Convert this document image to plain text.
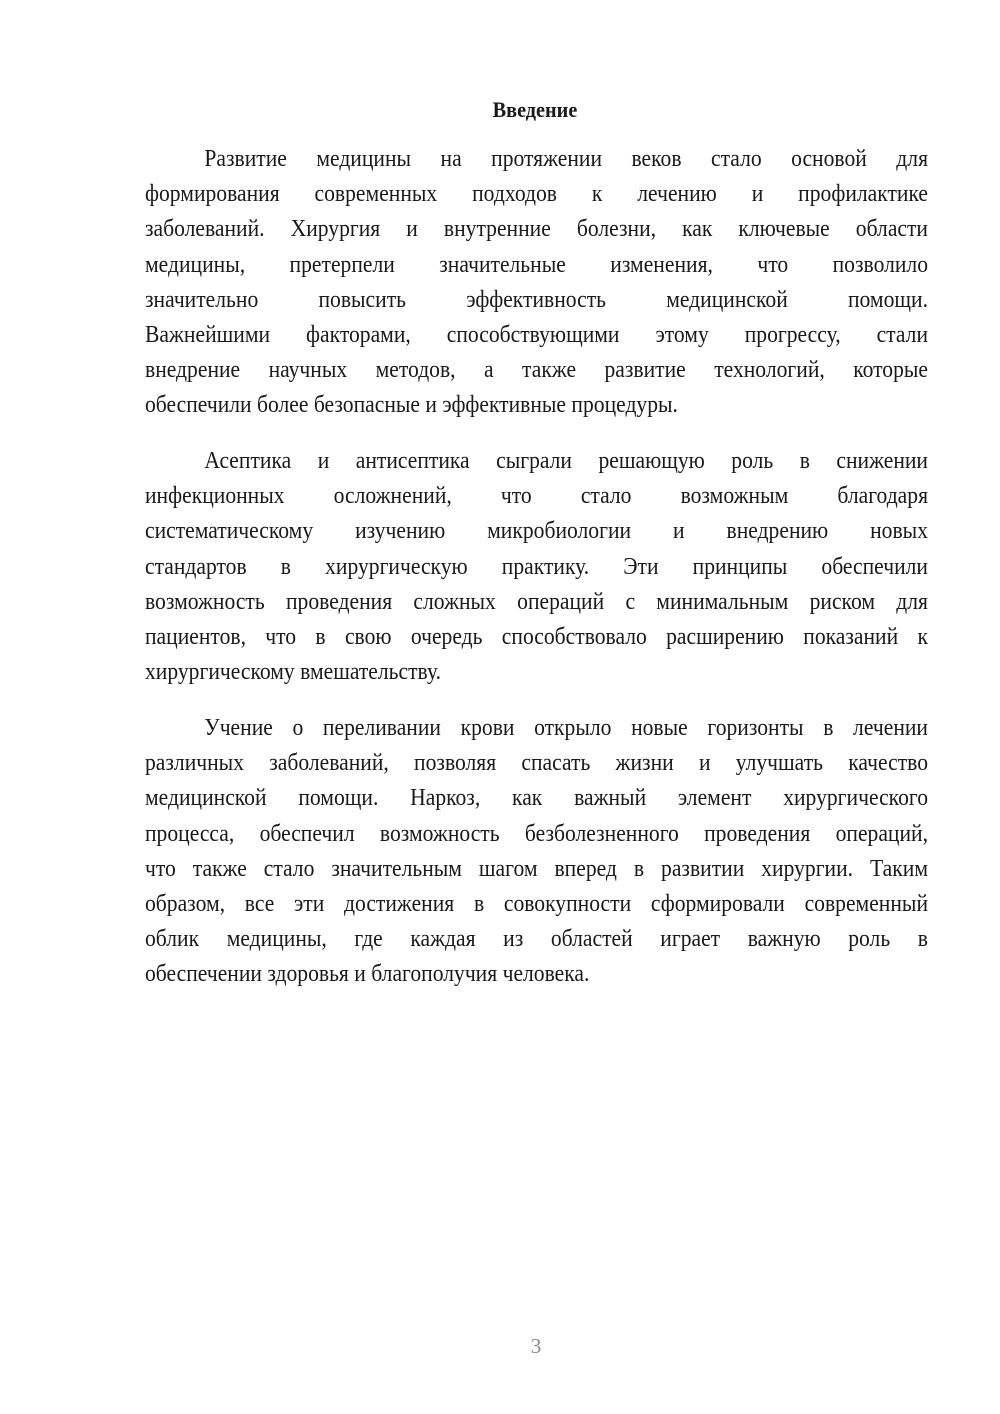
Введение
Развитие медицины на протяжении веков стало основой для
формирования современных подходов к лечению и профилактике
заболеваний. Хирургия и внутренние болезни, как ключевые области
медицины, претерпели значительные изменения, что позволило
значительно повысить эффективность медицинской помощи.
Важнейшими факторами, способствующими этому прогрессу, стали
внедрение научных методов, а также развитие технологий, которые
обеспечили более безопасные и эффективные процедуры.
Асептика и антисептика сыграли решающую роль в снижении
инфекционных осложнений, что стало возможным благодаря
систематическому изучению микробиологии и внедрению новых
стандартов в хирургическую практику. Эти принципы обеспечили
возможность проведения сложных операций с минимальным риском для
пациентов, что в свою очередь способствовало расширению показаний к
хирургическому вмешательству.
Учение о переливании крови открыло новые горизонты в лечении
различных заболеваний, позволяя спасать жизни и улучшать качество
медицинской помощи. Наркоз, как важный элемент хирургического
процесса, обеспечил возможность безболезненного проведения операций,
что также стало значительным шагом вперед в развитии хирургии. Таким
образом, все эти достижения в совокупности сформировали современный
облик медицины, где каждая из областей играет важную роль в
обеспечении здоровья и благополучия человека.
3
